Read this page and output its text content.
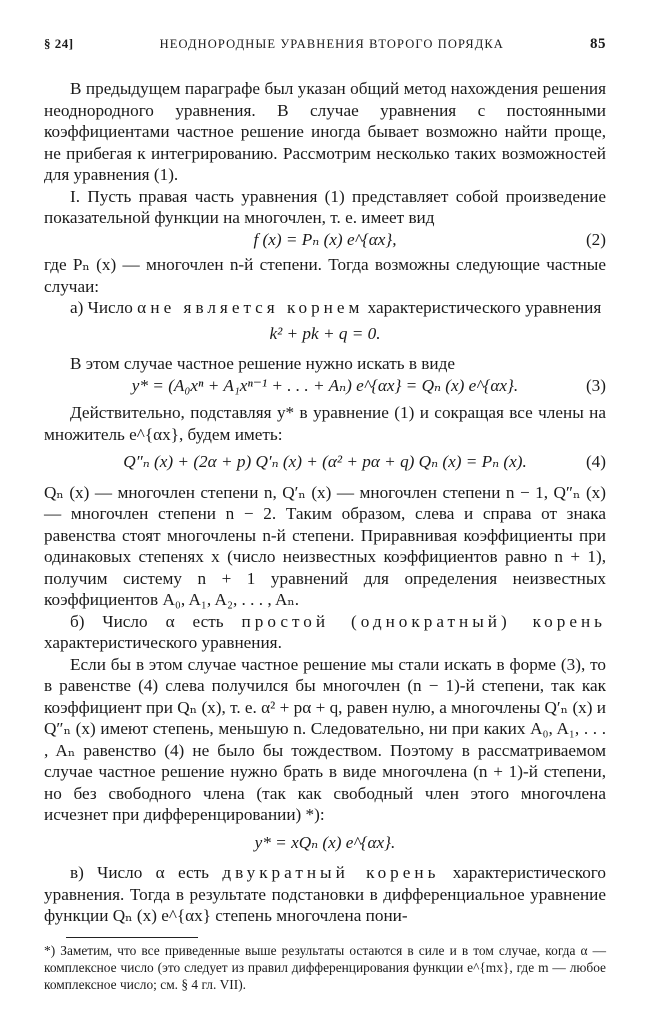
§ 24]	НЕОДНОРОДНЫЕ УРАВНЕНИЯ ВТОРОГО ПОРЯДКА	85

В предыдущем параграфе был указан общий метод нахождения решения неоднородного уравнения. В случае уравнения с постоянными коэффициентами частное решение иногда бывает возможно найти проще, не прибегая к интегрированию. Рассмотрим несколько таких возможностей для уравнения (1).

I. Пусть правая часть уравнения (1) представляет собой произведение показательной функции на многочлен, т. е. имеет вид

f (x) = Pₙ (x) e^{αx},	(2)

где Pₙ (x) — многочлен n-й степени. Тогда возможны следующие частные случаи:

а) Число α не является корнем характеристического уравнения

k² + pk + q = 0.

В этом случае частное решение нужно искать в виде

y* = (A₀xⁿ + A₁xⁿ⁻¹ + . . . + Aₙ) e^{αx} = Qₙ (x) e^{αx}.	(3)

Действительно, подставляя y* в уравнение (1) и сокращая все члены на множитель e^{αx}, будем иметь:

Q″ₙ (x) + (2α + p) Q′ₙ (x) + (α² + pα + q) Qₙ (x) = Pₙ (x).	(4)

Qₙ (x) — многочлен степени n, Q′ₙ (x) — многочлен степени n − 1, Q″ₙ (x) — многочлен степени n − 2. Таким образом, слева и справа от знака равенства стоят многочлены n-й степени. Приравнивая коэффициенты при одинаковых степенях x (число неизвестных коэффициентов равно n + 1), получим систему n + 1 уравнений для определения неизвестных коэффициентов A₀, A₁, A₂, . . . , Aₙ.

б) Число α есть простой (однократный) корень характеристического уравнения.

Если бы в этом случае частное решение мы стали искать в форме (3), то в равенстве (4) слева получился бы многочлен (n − 1)-й степени, так как коэффициент при Qₙ (x), т. е. α² + pα + q, равен нулю, а многочлены Q′ₙ (x) и Q″ₙ (x) имеют степень, меньшую n. Следовательно, ни при каких A₀, A₁, . . . , Aₙ равенство (4) не было бы тождеством. Поэтому в рассматриваемом случае частное решение нужно брать в виде многочлена (n + 1)-й степени, но без свободного члена (так как свободный член этого многочлена исчезнет при дифференцировании) *):

y* = xQₙ (x) e^{αx}.

в) Число α есть двукратный корень характеристического уравнения. Тогда в результате подстановки в дифференциальное уравнение функции Qₙ (x) e^{αx} степень многочлена пони-

*) Заметим, что все приведенные выше результаты остаются в силе и в том случае, когда α — комплексное число (это следует из правил дифференцирования функции e^{mx}, где m — любое комплексное число; см. § 4 гл. VII).
